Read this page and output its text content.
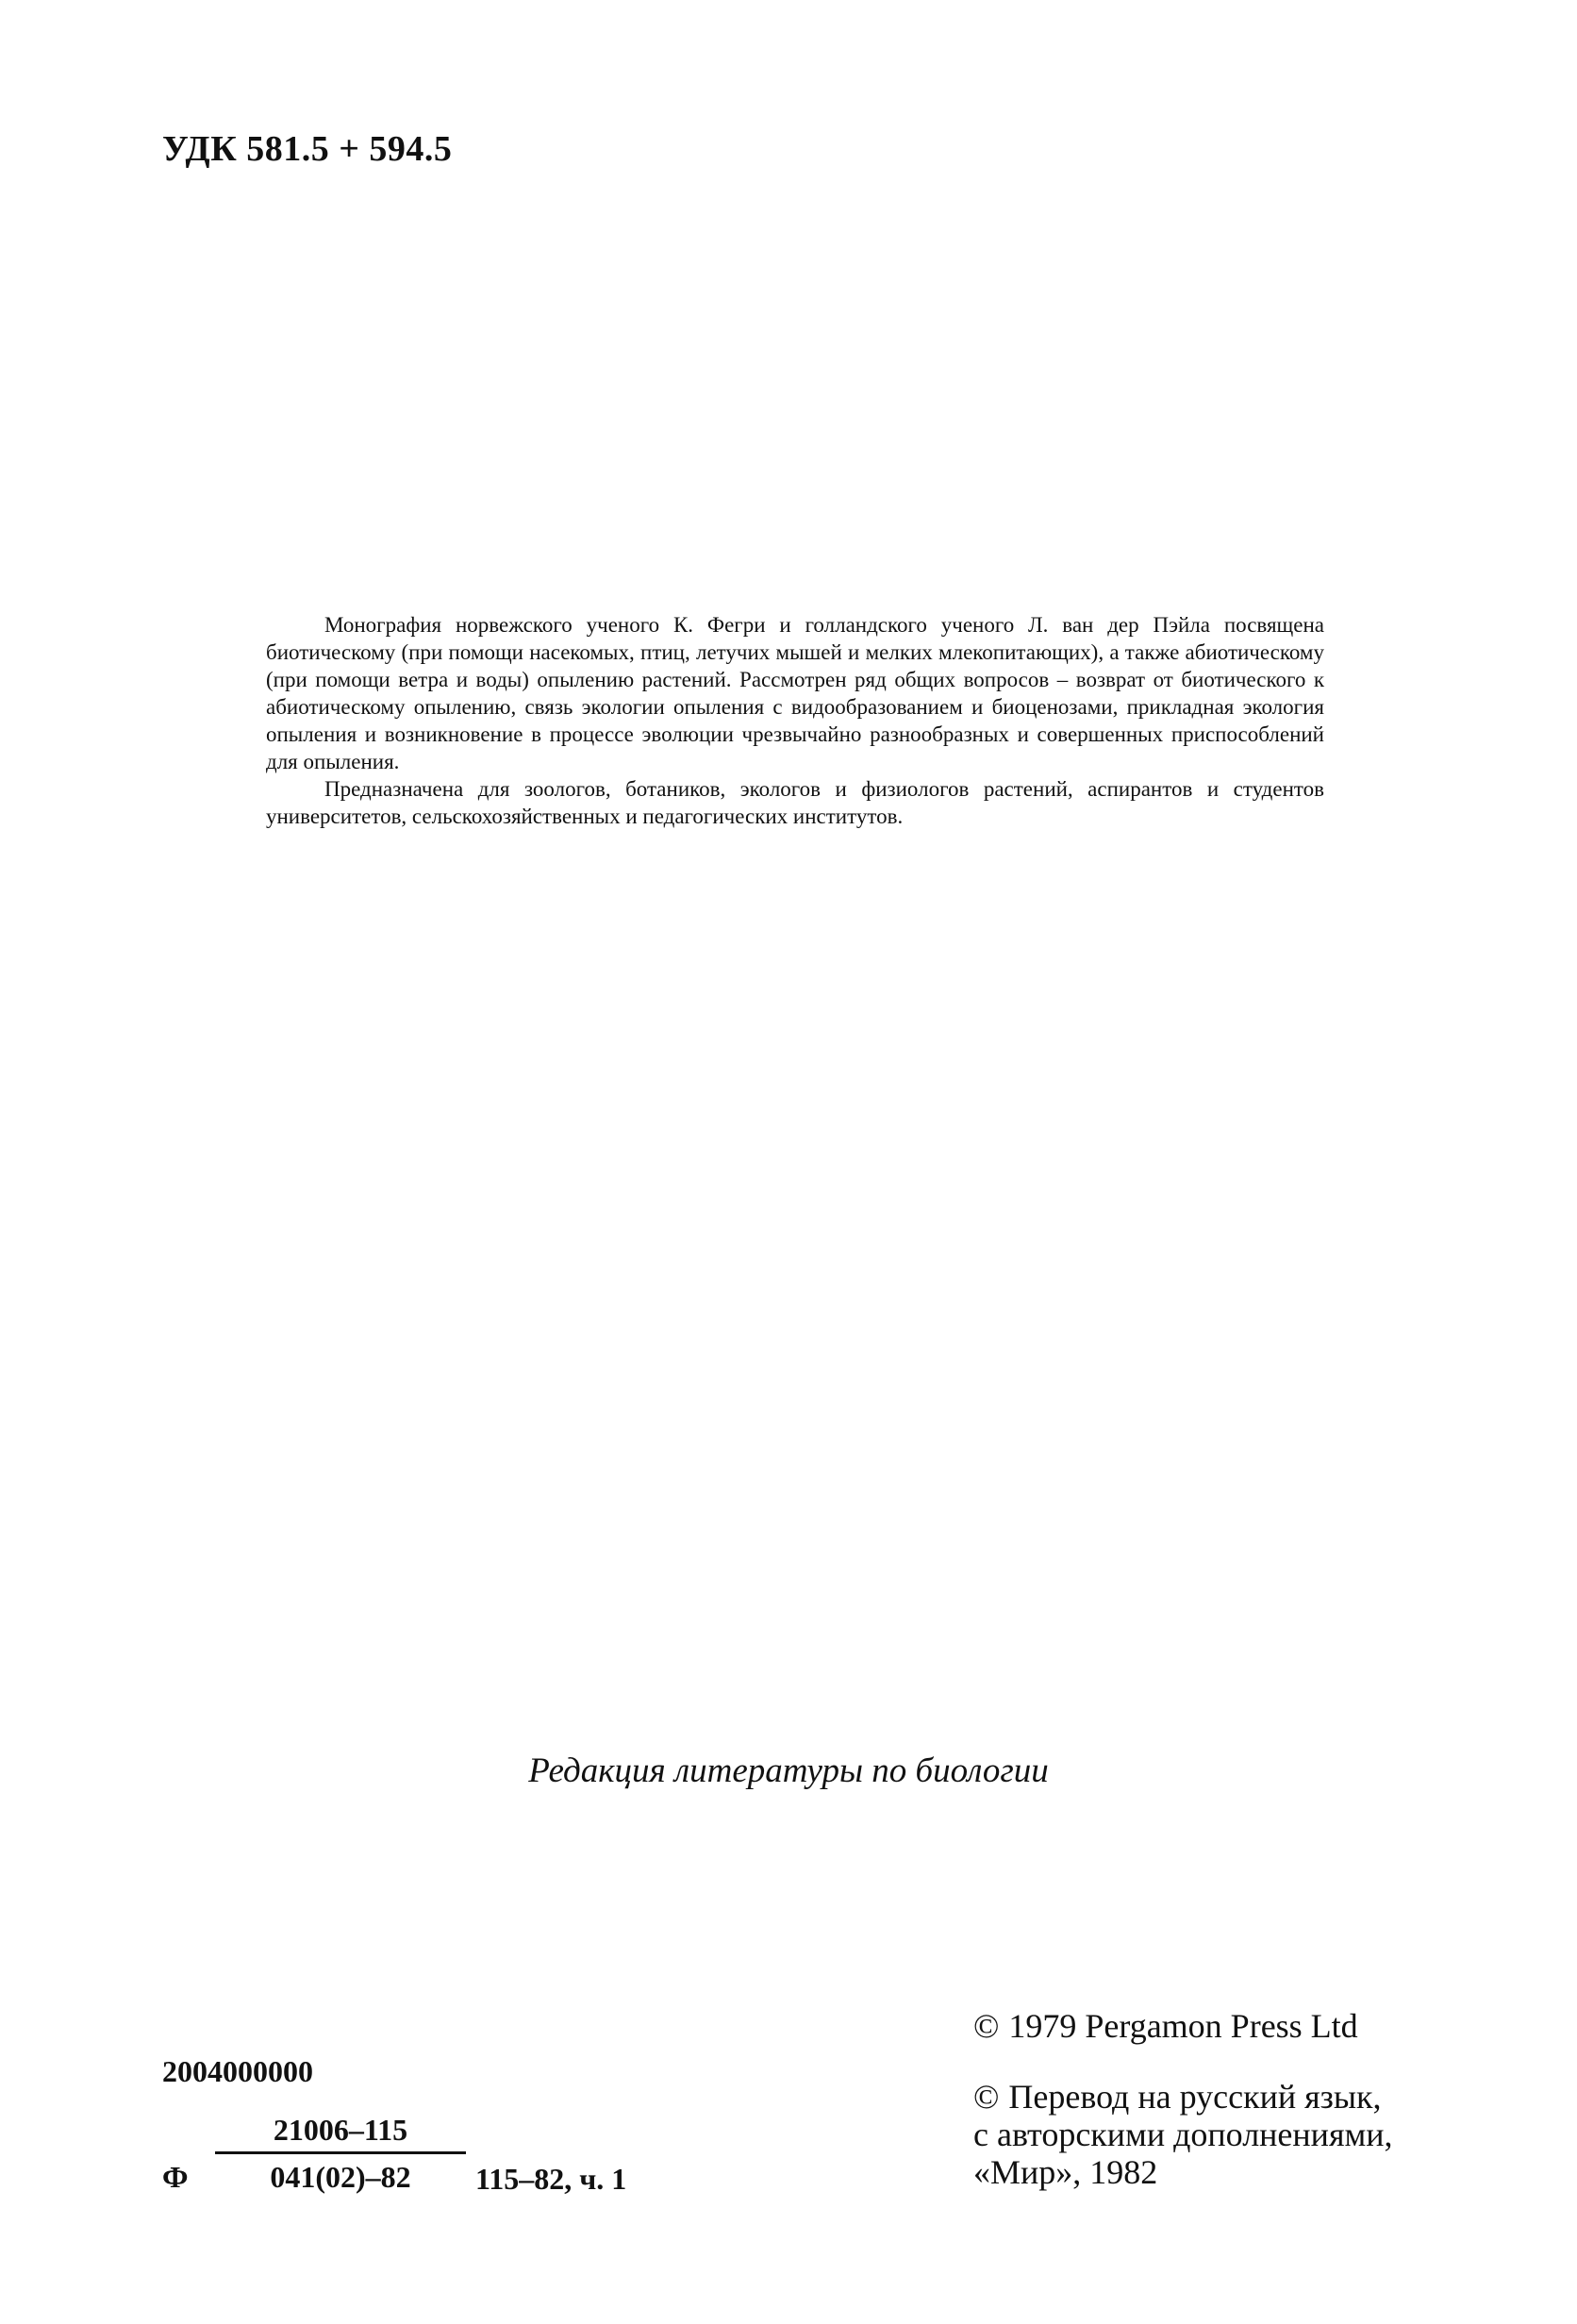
УДК 581.5 + 594.5

Монография норвежского ученого К. Фегри и голландского ученого Л. ван дер Пэйла посвящена биотическому (при помощи насекомых, птиц, летучих мышей и мелких млекопитающих), а также абиотическому (при помощи ветра и воды) опылению растений. Рассмотрен ряд общих вопросов – возврат от биотического к абиотическому опылению, связь экологии опыления с видообразованием и биоценозами, прикладная экология опыления и возникновение в процессе эволюции чрезвычайно разнообразных и совершенных приспособлений для опыления.

Предназначена для зоологов, ботаников, экологов и физиологов растений, аспирантов и студентов университетов, сельскохозяйственных и педагогических институтов.

Редакция литературы по биологии
2004000000
Ф $\frac{21006-115}{041(02)-82} 115-82$, ч. 1
© 1979 Pergamon Press Ltd
© Перевод на русский язык,
с авторскими дополнениями,
«Мир», 1982
